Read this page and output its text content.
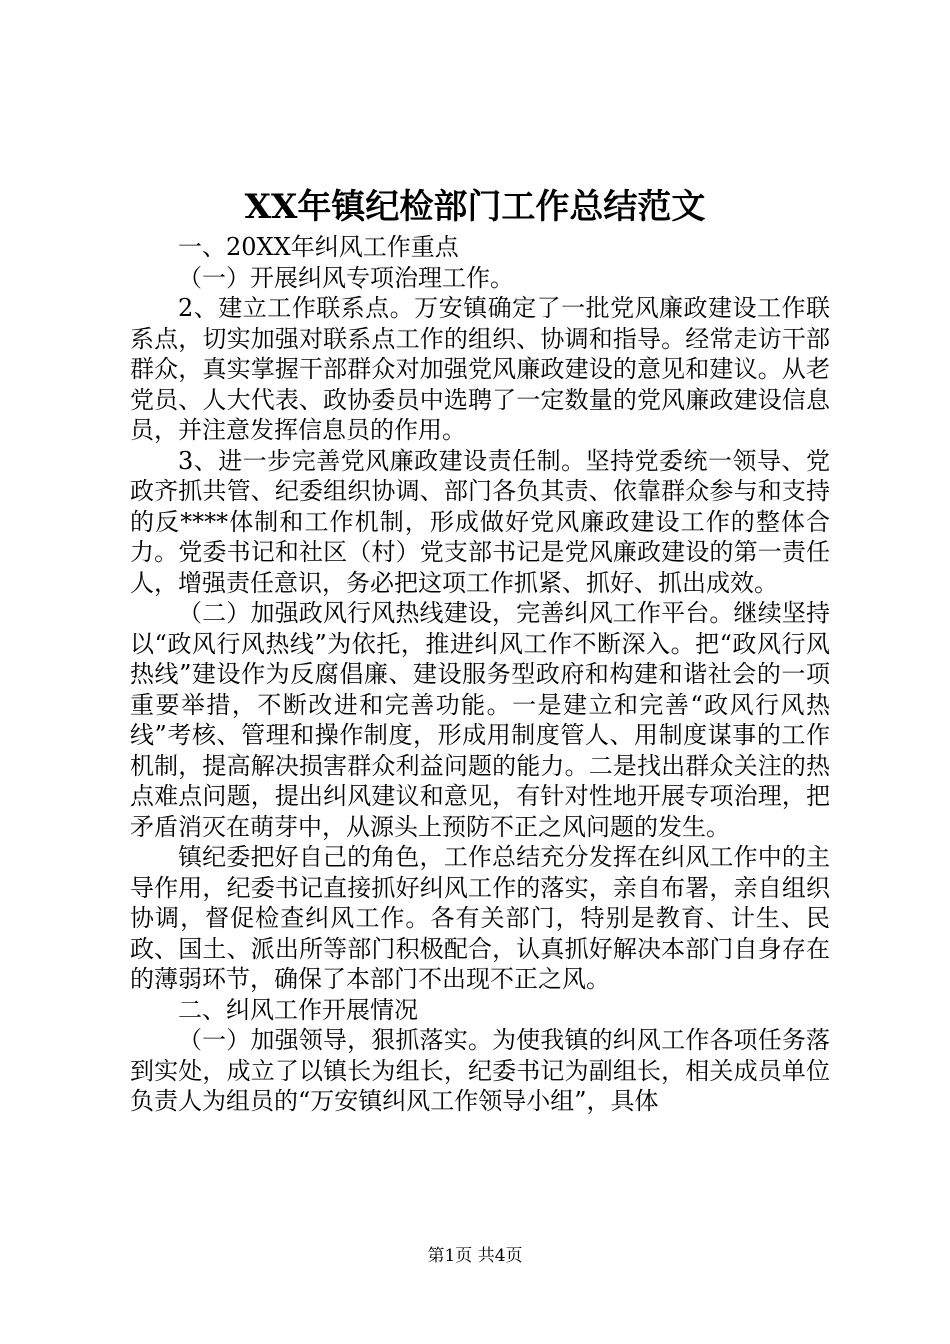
XX年镇纪检部门工作总结范文

一、20XX年纠风工作重点

（一）开展纠风专项治理工作。

2、建立工作联系点。万安镇确定了一批党风廉政建设工作联系点，切实加强对联系点工作的组织、协调和指导。经常走访干部群众，真实掌握干部群众对加强党风廉政建设的意见和建议。从老党员、人大代表、政协委员中选聘了一定数量的党风廉政建设信息员，并注意发挥信息员的作用。

3、进一步完善党风廉政建设责任制。坚持党委统一领导、党政齐抓共管、纪委组织协调、部门各负其责、依靠群众参与和支持的反****体制和工作机制，形成做好党风廉政建设工作的整体合力。党委书记和社区（村）党支部书记是党风廉政建设的第一责任人，增强责任意识，务必把这项工作抓紧、抓好、抓出成效。

（二）加强政风行风热线建设，完善纠风工作平台。继续坚持以“政风行风热线”为依托，推进纠风工作不断深入。把“政风行风热线”建设作为反腐倡廉、建设服务型政府和构建和谐社会的一项重要举措，不断改进和完善功能。一是建立和完善“政风行风热线”考核、管理和操作制度，形成用制度管人、用制度谋事的工作机制，提高解决损害群众利益问题的能力。二是找出群众关注的热点难点问题，提出纠风建议和意见，有针对性地开展专项治理，把矛盾消灭在萌芽中，从源头上预防不正之风问题的发生。

镇纪委把好自己的角色，工作总结充分发挥在纠风工作中的主导作用，纪委书记直接抓好纠风工作的落实，亲自布署，亲自组织协调，督促检查纠风工作。各有关部门，特别是教育、计生、民政、国土、派出所等部门积极配合，认真抓好解决本部门自身存在的薄弱环节，确保了本部门不出现不正之风。

二、纠风工作开展情况

（一）加强领导，狠抓落实。为使我镇的纠风工作各项任务落到实处，成立了以镇长为组长，纪委书记为副组长，相关成员单位负责人为组员的“万安镇纠风工作领导小组”，具体

第1页 共4页
